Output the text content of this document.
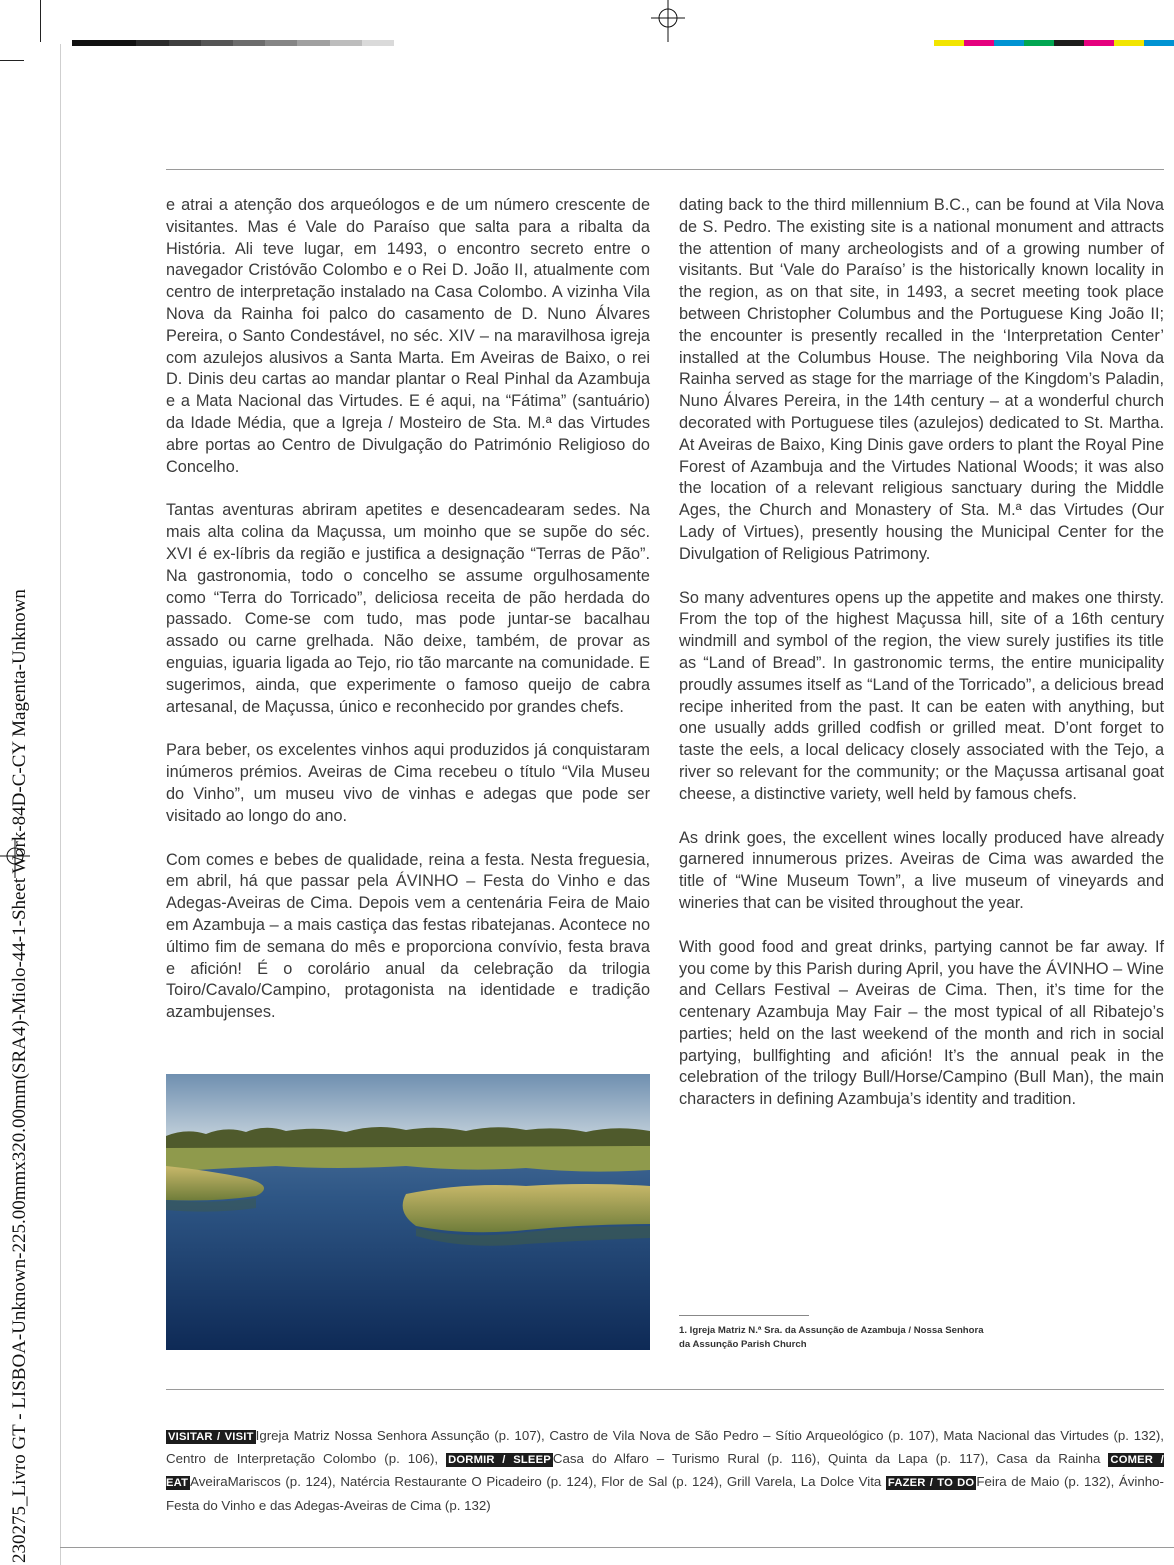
230275_Livro GT - LISBOA-Unknown-225.00mmx320.00mm(SRA4)-Miolo-44-1-Sheet Work-84D-C-CY Magenta-Unknown

e atrai a atenção dos arqueólogos e de um número crescente de visitantes. Mas é Vale do Paraíso que salta para a ribalta da História. Ali teve lugar, em 1493, o encontro secreto entre o navegador Cristóvão Colombo e o Rei D. João II, atualmente com centro de interpretação instalado na Casa Colombo. A vizinha Vila Nova da Rainha foi palco do casamento de D. Nuno Álvares Pereira, o Santo Condestável, no séc. XIV – na maravilhosa igreja com azulejos alusivos a Santa Marta. Em Aveiras de Baixo, o rei D. Dinis deu cartas ao mandar plantar o Real Pinhal da Azambuja e a Mata Nacional das Virtudes. E é aqui, na “Fátima” (santuário) da Idade Média, que a Igreja / Mosteiro de Sta. M.ª das Virtudes abre portas ao Centro de Divulgação do Património Religioso do Concelho.

Tantas aventuras abriram apetites e desencadearam sedes. Na mais alta colina da Maçussa, um moinho que se supõe do séc. XVI é ex-líbris da região e justifica a designação “Terras de Pão”. Na gastronomia, todo o concelho se assume orgulhosamente como “Terra do Torricado”, deliciosa receita de pão herdada do passado. Come-se com tudo, mas pode juntar-se bacalhau assado ou carne grelhada. Não deixe, também, de provar as enguias, iguaria ligada ao Tejo, rio tão marcante na comunidade. E sugerimos, ainda, que experimente o famoso queijo de cabra artesanal, de Maçussa, único e reconhecido por grandes chefs.

Para beber, os excelentes vinhos aqui produzidos já conquistaram inúmeros prémios. Aveiras de Cima recebeu o título “Vila Museu do Vinho”, um museu vivo de vinhas e adegas que pode ser visitado ao longo do ano.

Com comes e bebes de qualidade, reina a festa. Nesta freguesia, em abril, há que passar pela ÁVINHO – Festa do Vinho e das Adegas-Aveiras de Cima. Depois vem a centenária Feira de Maio em Azambuja – a mais castiça das festas ribatejanas. Acontece no último fim de semana do mês e proporciona convívio, festa brava e afición! É o corolário anual da celebração da trilogia Toiro/Cavalo/Campino, protagonista na identidade e tradição azambujenses.

dating back to the third millennium B.C., can be found at Vila Nova de S. Pedro. The existing site is a national monument and attracts the attention of many archeologists and of a growing number of visitants. But ‘Vale do Paraíso’ is the historically known locality in the region, as on that site, in 1493, a secret meeting took place between Christopher Columbus and the Portuguese King João II; the encounter is presently recalled in the ‘Interpretation Center’ installed at the Columbus House. The neighboring Vila Nova da Rainha served as stage for the marriage of the Kingdom’s Paladin, Nuno Álvares Pereira, in the 14th century – at a wonderful church decorated with Portuguese tiles (azulejos) dedicated to St. Martha. At Aveiras de Baixo, King Dinis gave orders to plant the Royal Pine Forest of Azambuja and the Virtudes National Woods; it was also the location of a relevant religious sanctuary during the Middle Ages, the Church and Monastery of Sta. M.ª das Virtudes (Our Lady of Virtues), presently housing the Municipal Center for the Divulgation of Religious Patrimony.

So many adventures opens up the appetite and makes one thirsty. From the top of the highest Maçussa hill, site of a 16th century windmill and symbol of the region, the view surely justifies its title as “Land of Bread”. In gastronomic terms, the entire municipality proudly assumes itself as “Land of the Torricado”, a delicious bread recipe inherited from the past. It can be eaten with anything, but one usually adds grilled codfish or grilled meat. D’ont forget to taste the eels, a local delicacy closely associated with the Tejo, a river so relevant for the community; or the Maçussa artisanal goat cheese, a distinctive variety, well held by famous chefs.

As drink goes, the excellent wines locally produced have already garnered innumerous prizes. Aveiras de Cima was awarded the title of “Wine Museum Town”, a live museum of vineyards and wineries that can be visited throughout the year.

With good food and great drinks, partying cannot be far away. If you come by this Parish during April, you have the ÁVINHO – Wine and Cellars Festival – Aveiras de Cima. Then, it’s time for the centenary Azambuja May Fair – the most typical of all Ribatejo’s parties; held on the last weekend of the month and rich in social partying, bullfighting and afición! It’s the annual peak in the celebration of the trilogy Bull/Horse/Campino (Bull Man), the main characters in defining Azambuja’s identity and tradition.

1. Igreja Matriz N.ª Sra. da Assunção de Azambuja / Nossa Senhora
da Assunção Parish Church
VISITAR / VISIT Igreja Matriz Nossa Senhora Assunção (p. 107), Castro de Vila Nova de São Pedro – Sítio Arqueológico (p. 107), Mata Nacional das Virtudes (p. 132), Centro de Interpretação Colombo (p. 106), DORMIR / SLEEP Casa do Alfaro – Turismo Rural (p. 116), Quinta da Lapa (p. 117), Casa da Rainha COMER / EAT AveiraMariscos (p. 124), Natércia Restaurante O Picadeiro (p. 124), Flor de Sal (p. 124), Grill Varela, La Dolce Vita FAZER / TO DO Feira de Maio (p. 132), Ávinho-Festa do Vinho e das Adegas-Aveiras de Cima (p. 132)
